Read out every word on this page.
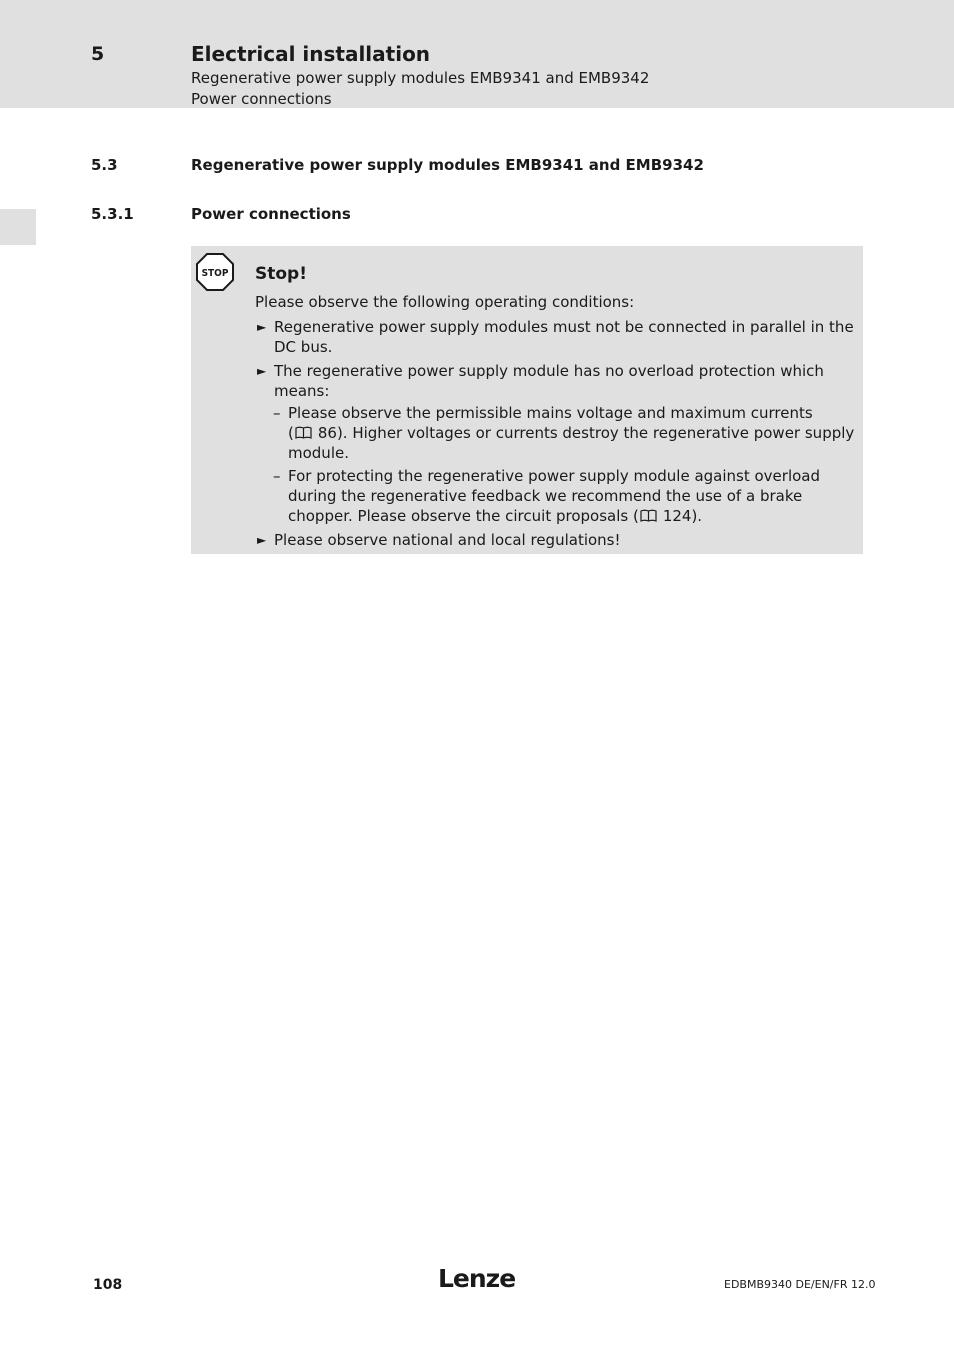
5	Electrical installation
Regenerative power supply modules EMB9341 and EMB9342
Power connections
5.3	Regenerative power supply modules EMB9341 and EMB9342
5.3.1	Power connections
STOP Stop!
Please observe the following operating conditions:
► Regenerative power supply modules must not be connected in parallel in the DC bus.
► The regenerative power supply module has no overload protection which means:
– Please observe the permissible mains voltage and maximum currents
( 86). Higher voltages or currents destroy the regenerative power supply module.
– For protecting the regenerative power supply module against overload during the regenerative feedback we recommend the use of a brake chopper. Please observe the circuit proposals ( 124).
► Please observe national and local regulations!
108	Lenze	EDBMB9340 DE/EN/FR 12.0
